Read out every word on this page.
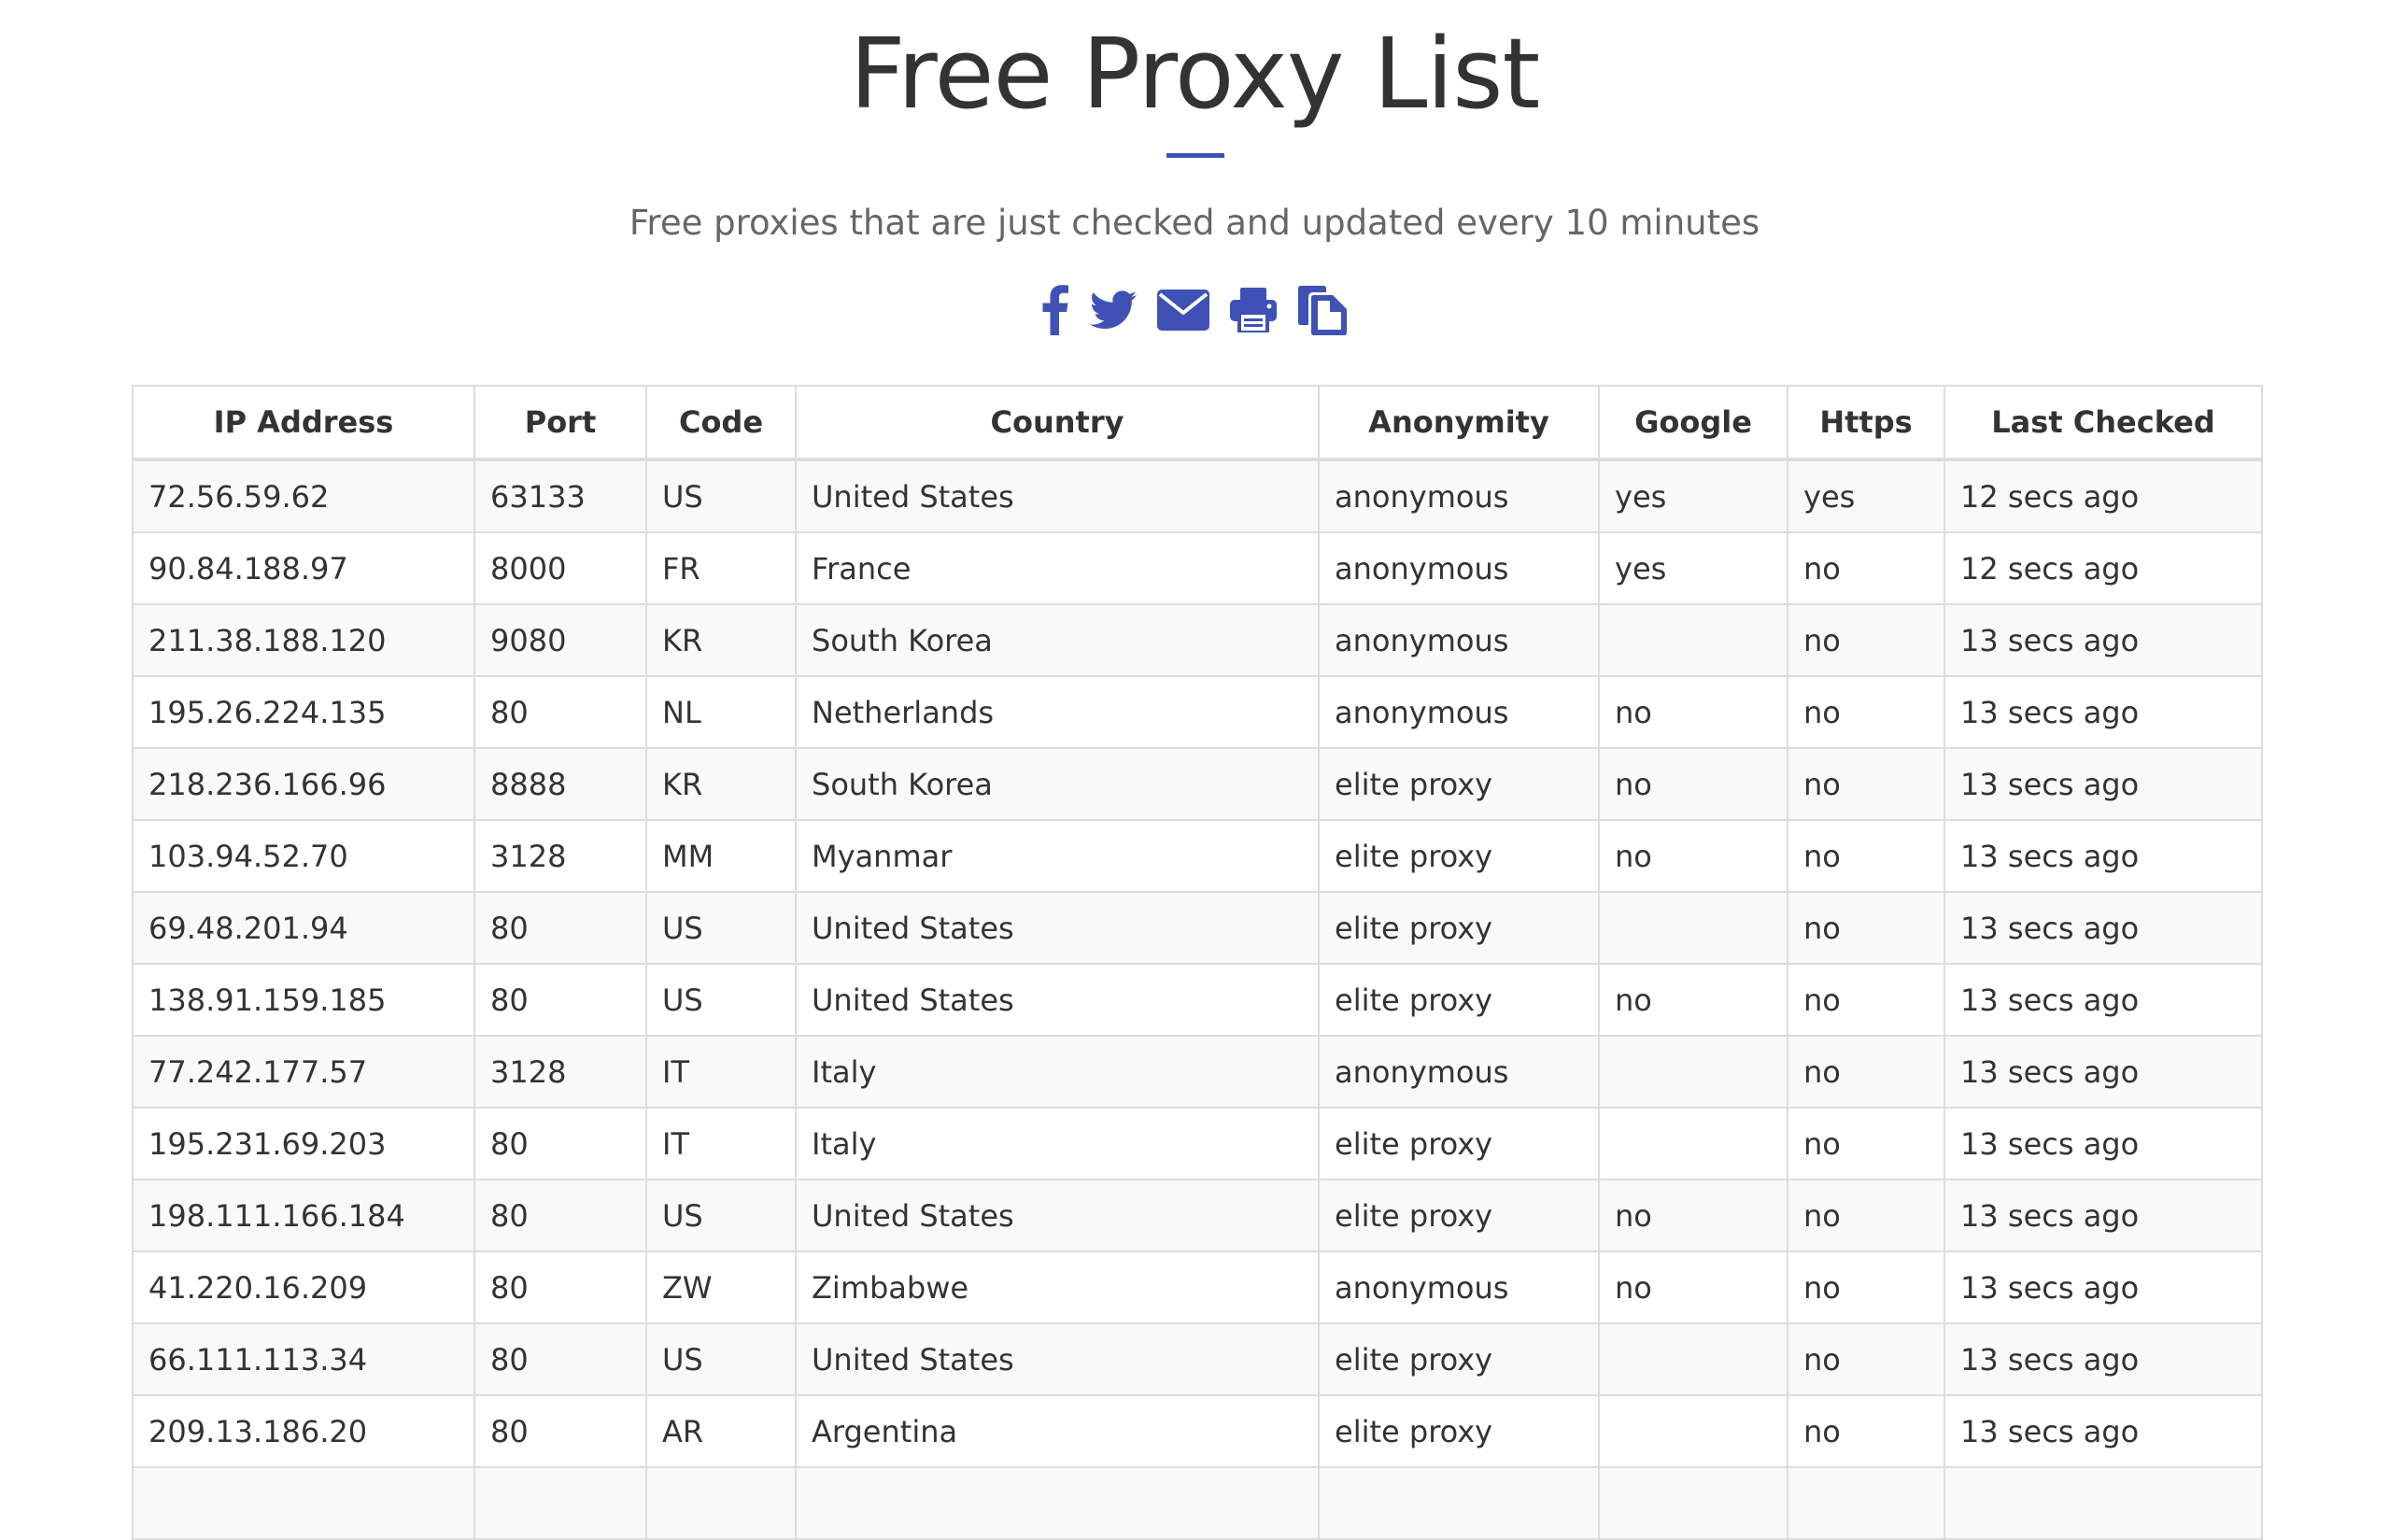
Free Proxy List
Free proxies that are just checked and updated every 10 minutes
IP Address	Port	Code	Country	Anonymity	Google	Https	Last Checked
72.56.59.62	63133	US	United States	anonymous	yes	yes	12 secs ago
90.84.188.97	8000	FR	France	anonymous	yes	no	12 secs ago
211.38.188.120	9080	KR	South Korea	anonymous		no	13 secs ago
195.26.224.135	80	NL	Netherlands	anonymous	no	no	13 secs ago
218.236.166.96	8888	KR	South Korea	elite proxy	no	no	13 secs ago
103.94.52.70	3128	MM	Myanmar	elite proxy	no	no	13 secs ago
69.48.201.94	80	US	United States	elite proxy		no	13 secs ago
138.91.159.185	80	US	United States	elite proxy	no	no	13 secs ago
77.242.177.57	3128	IT	Italy	anonymous		no	13 secs ago
195.231.69.203	80	IT	Italy	elite proxy		no	13 secs ago
198.111.166.184	80	US	United States	elite proxy	no	no	13 secs ago
41.220.16.209	80	ZW	Zimbabwe	anonymous	no	no	13 secs ago
66.111.113.34	80	US	United States	elite proxy		no	13 secs ago
209.13.186.20	80	AR	Argentina	elite proxy		no	13 secs ago
